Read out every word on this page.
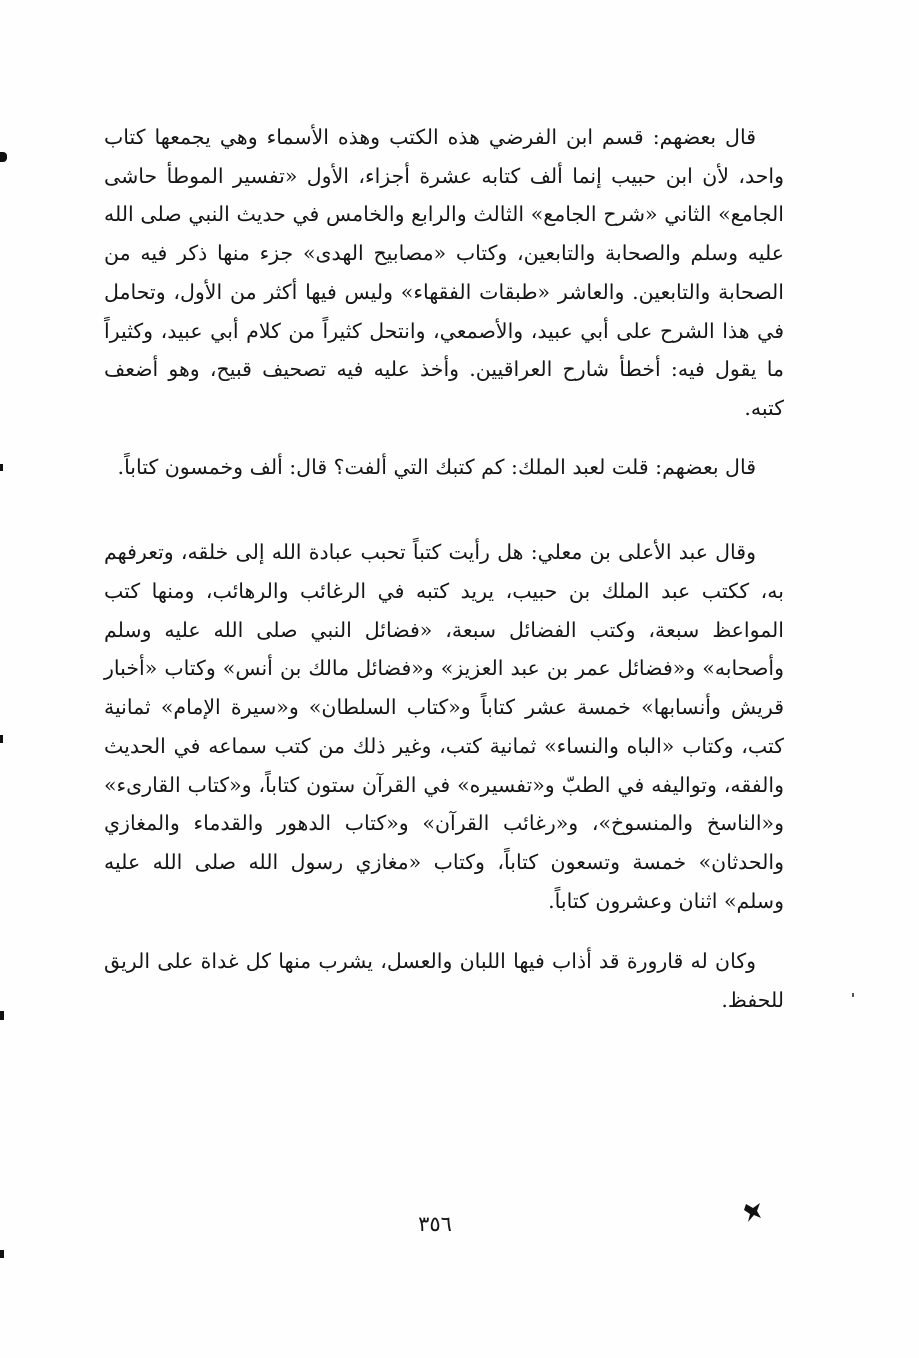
قال بعضهم: قسم ابن الفرضي هذه الكتب وهذه الأسماء وهي يجمعها كتاب واحد، لأن ابن حبيب إنما ألف كتابه عشرة أجزاء، الأول «تفسير الموطأ حاشى الجامع» الثاني «شرح الجامع» الثالث والرابع والخامس في حديث النبي صلى الله عليه وسلم والصحابة والتابعين، وكتاب «مصابيح الهدى» جزء منها ذكر فيه من الصحابة والتابعين. والعاشر «طبقات الفقهاء» وليس فيها أكثر من الأول، وتحامل في هذا الشرح على أبي عبيد، والأصمعي، وانتحل كثيراً من كلام أبي عبيد، وكثيراً ما يقول فيه: أخطأ شارح العراقيين. وأخذ عليه فيه تصحيف قبيح، وهو أضعف كتبه.

قال بعضهم: قلت لعبد الملك: كم كتبك التي ألفت؟ قال: ألف وخمسون كتاباً.

وقال عبد الأعلى بن معلي: هل رأيت كتباً تحبب عبادة الله إلى خلقه، وتعرفهم به، ككتب عبد الملك بن حبيب، يريد كتبه في الرغائب والرهائب، ومنها كتب المواعظ سبعة، وكتب الفضائل سبعة، «فضائل النبي صلى الله عليه وسلم وأصحابه» و«فضائل عمر بن عبد العزيز» و«فضائل مالك بن أنس» وكتاب «أخبار قريش وأنسابها» خمسة عشر كتاباً و«كتاب السلطان» و«سيرة الإمام» ثمانية كتب، وكتاب «الباه والنساء» ثمانية كتب، وغير ذلك من كتب سماعه في الحديث والفقه، وتواليفه في الطبّ و«تفسيره» في القرآن ستون كتاباً، و«كتاب القارىء» و«الناسخ والمنسوخ»، و«رغائب القرآن» و«كتاب الدهور والقدماء والمغازي والحدثان» خمسة وتسعون كتاباً، وكتاب «مغازي رسول الله صلى الله عليه وسلم» اثنان وعشرون كتاباً.

وكان له قارورة قد أذاب فيها اللبان والعسل، يشرب منها كل غداة على الريق للحفظ.

٣٥٦
